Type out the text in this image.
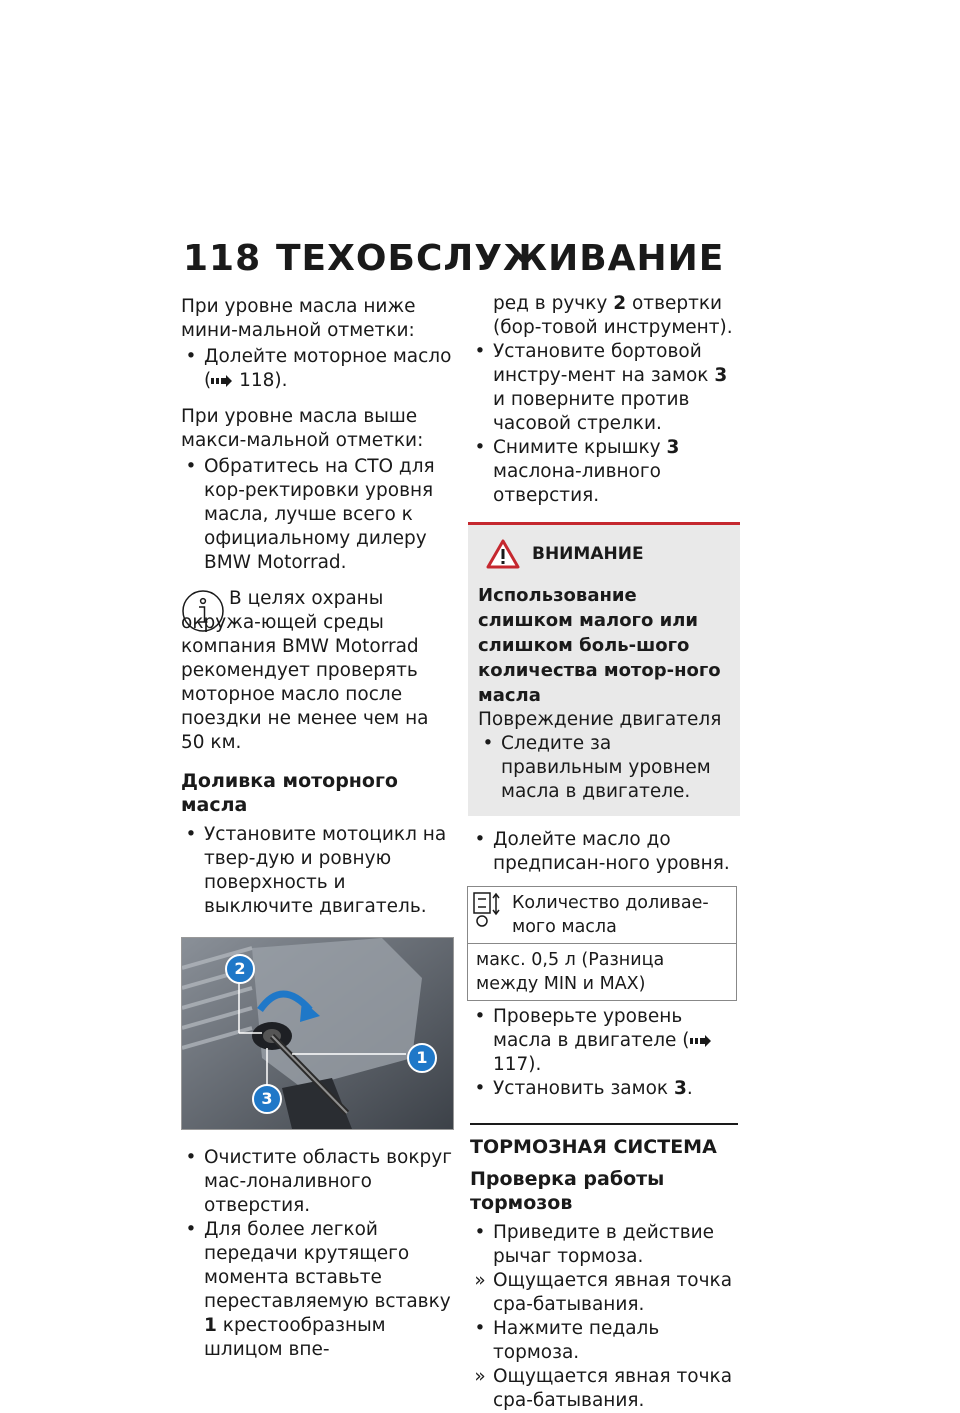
118 ТЕХОБСЛУЖИВАНИЕ

При уровне масла ниже мини-мальной отметки:

• Долейте моторное масло
( 118).

При уровне масла выше макси-мальной отметки:

• Обратитесь на СТО для кор-ректировки уровня масла, лучше всего к официальному дилеру BMW Motorrad.
В целях охраны окружа-ющей среды компания BMW Motorrad рекомендует проверять моторное масло после поездки не менее чем на 50 км.
Доливка моторного масла
• Установите мотоцикл на твер-дую и ровную поверхность и выключите двигатель.
1
2
3
• Очистите область вокруг мас-лоналивного отверстия.
• Для более легкой передачи крутящего момента вставьте переставляемую вставку 1 крестообразным шлицом впе-
ред в ручку 2 отвертки (бор-товой инструмент).
• Установите бортовой инстру-мент на замок 3 и поверните против часовой стрелки.
• Снимите крышку 3 маслона-ливного отверстия.
ВНИМАНИЕ
Использование слишком малого или слишком боль-шого количества мотор-ного масла
Повреждение двигателя
• Следите за правильным уровнем масла в двигателе.
• Долейте масло до предписан-ного уровня.
Количество доливае-мого масла

макс. 0,5 л (Разница между MIN и MAX)
• Проверьте уровень масла в двигателе ( 117).
• Установить замок 3.
ТОРМОЗНАЯ СИСТЕМА
Проверка работы тормозов
• Приведите в действие рычаг тормоза.
» Ощущается явная точка сра-батывания.
• Нажмите педаль тормоза.
» Ощущается явная точка сра-батывания.
